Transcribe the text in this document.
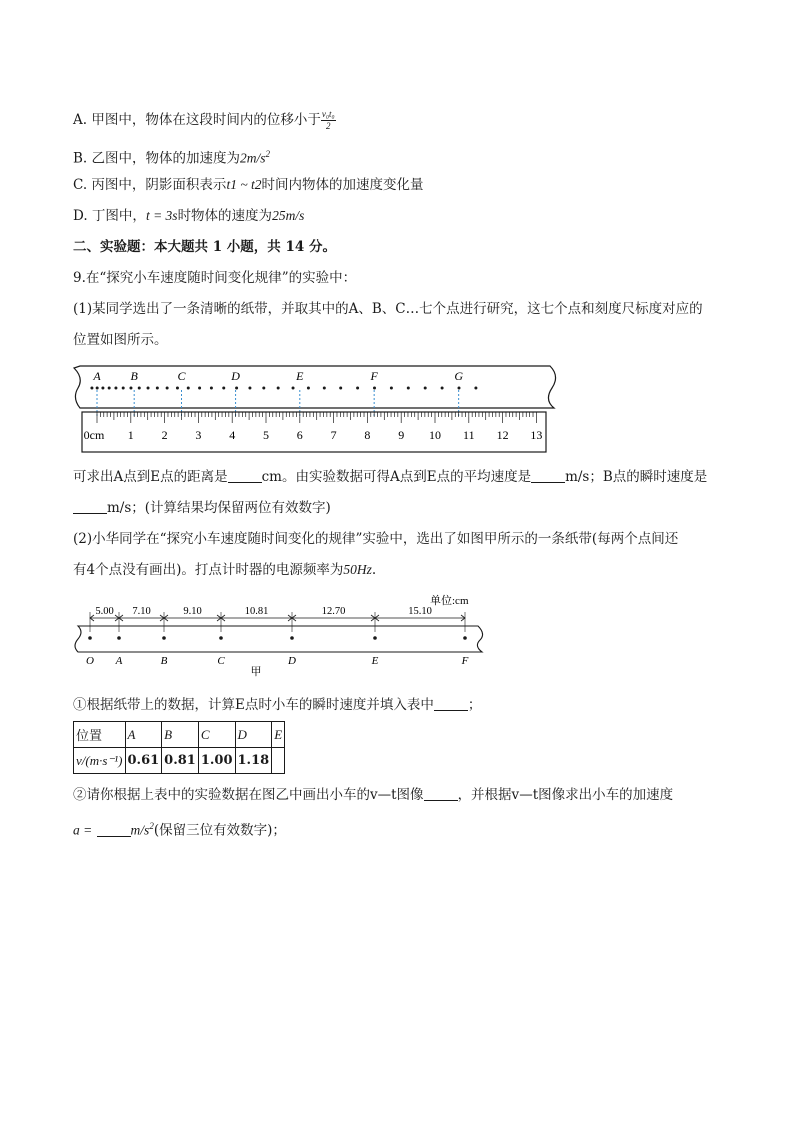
A. 甲图中，物体在这段时间内的位移小于 $\frac{\text{v₀t₀}}{2}$
B. 乙图中，物体的加速度为$2m/s^2$
C. 丙图中，阴影面积表示t1 ~ t2时间内物体的加速度变化量
D. 丁图中，t = 3s时物体的速度为25m/s
二、实验题：本大题共 1 小题，共 14 分。
9.在“探究小车速度随时间变化规律”的实验中：
(1)某同学选出了一条清晰的纸带，并取其中的A、B、C…七个点进行研究，这七个点和刻度尺标度对应的
位置如图所示。
A B	C	D	E	F	G
0cm 1 2 3 4 5 6 7 8 9 10 11 12 13
可求出A点到E点的距离是	cm。由实验数据可得A点到E点的平均速度是	m/s；B点的瞬时速度是
m/s；(计算结果均保留两位有效数字)
(2)小华同学在“探究小车速度随时间变化的规律”实验中，选出了如图甲所示的一条纸带(每两个点间还
有4个点没有画出)。打点计时器的电源频率为50Hz.
单位:cm
5.00 7.10	9.10	10.81	12.70	15.10
O A	B	C	D	E	F
甲
①根据纸带上的数据，计算E点时小车的瞬时速度并填入表中	；
位置	A	B	C	D	E
v/(m·s⁻¹)	0.61	0.81	1.00	1.18	
②请你根据上表中的实验数据在图乙中画出小车的v—t图像	，并根据v—t图像求出小车的加速度
a =	$m/s^2$(保留三位有效数字)；
